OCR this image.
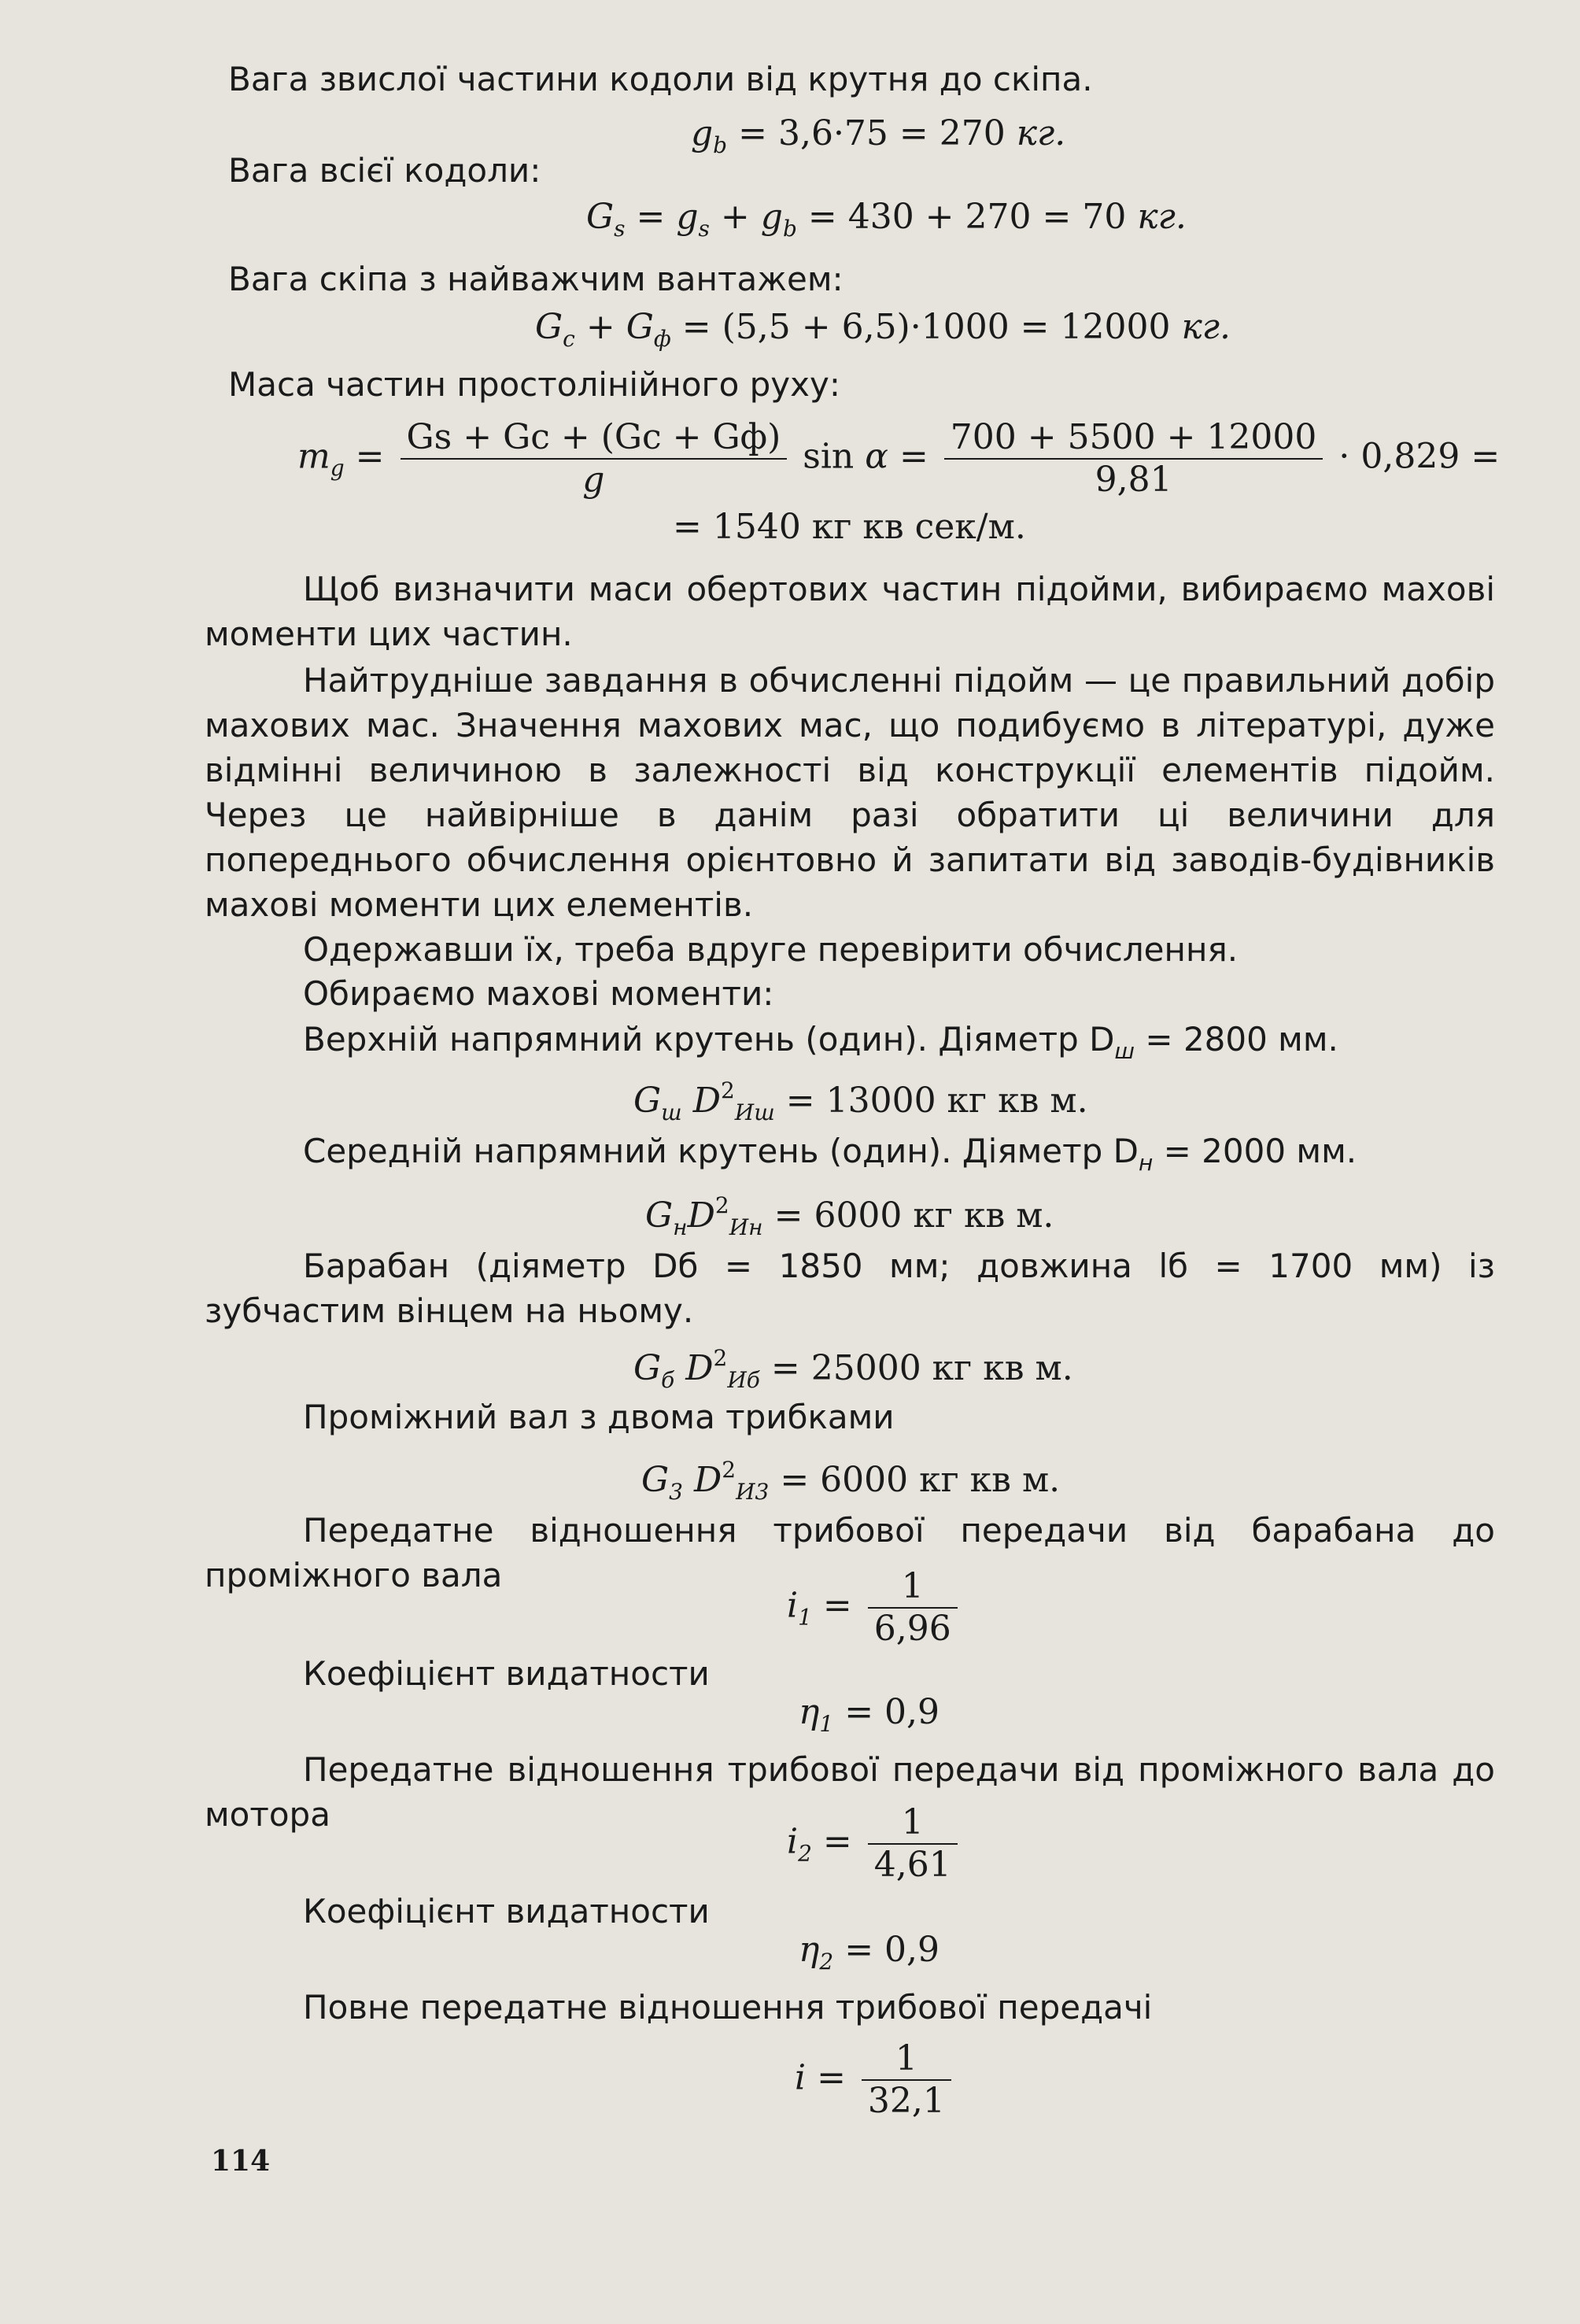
Вага звислої частини кодоли від крутня до скіпа.

$g_b = 3,6\cdot 75 = 270$ кг.

Вага всієї кодоли:

$G_s = g_s + g_b = 430 + 270 = 70$ кг.

Вага скіпа з найважчим вантажем:

$G_c + G_ф = (5,5 + 6,5)\cdot 1000 = 12000$ кг.

Маса частин простолінійного руху:

$m_g = \frac{Gs + Gc + (Gc + Gф)}{g}$ $\sin \alpha = \frac{700 + 5500 + 12000}{9,81} \cdot 0,829$ =
= 1540 кг кв сек/м.

Щоб визначити маси обертових частин підойми, вибираємо махові моменти цих частин.

Найтрудніше завдання в обчисленні підойм — це правильний добір махових мас. Значення махових мас, що подибуємо в літературі, дуже відмінні величиною в залежності від конструкції елементів підойм. Через це найвірніше в данім разі обратити ці величини для попереднього обчислення орієнтовно й запитати від заводів-будівників махові моменти цих елементів.

Одержавши їх, треба вдруге перевірити обчислення.

Обираємо махові моменти:

Верхній напрямний крутень (один). Діяметр $D_ш = 2800$ мм.

$G_ш$ $D^2_{Иш} = 13000$ кг кв м.

Середній напрямний крутень (один). Діяметр $D_н = 2000$ мм.

$G_нD^2_{Ин} = 6000$ кг кв м.

Барабан (діяметр Dб = 1850 мм; довжина lб = 1700 мм) із зубчастим вінцем на ньому.

$G_б$ $D^2_{Иб} = 25000$ кг кв м.

Проміжний вал з двома трибками

$G_3$ $D^2_{И3} = 6000$ кг кв м.

Передатне відношення трибової передачи від барабана до проміжного вала

$i_1 = \frac{1}{6,96}$

Коефіцієнт видатности

$\eta_1 = 0,9$

Передатне відношення трибової передачи від проміжного вала до мотора

$i_2 = \frac{1}{4,61}$

Коефіцієнт видатности

$\eta_2 = 0,9$

Повне передатне відношення трибової передачі

$i = \frac{1}{32,1}$
114
